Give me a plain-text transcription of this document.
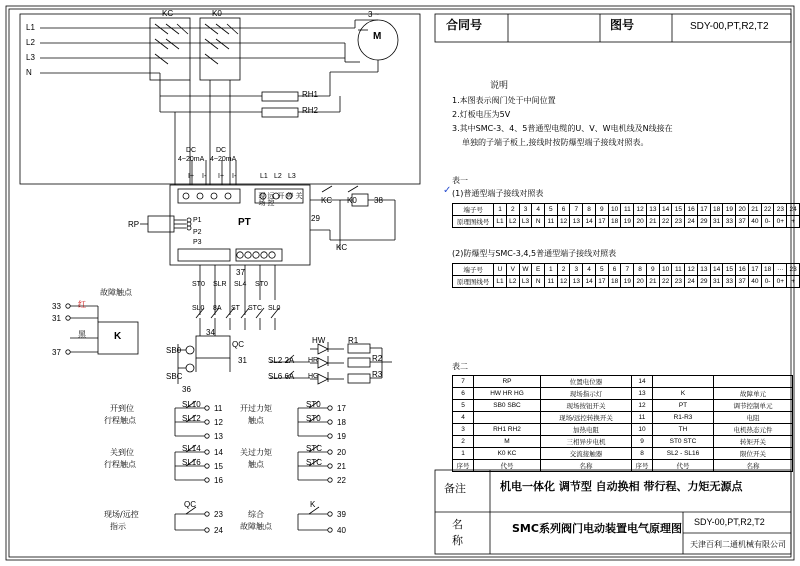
L1
L2
L3
N
KC	K0	3 ~
M
RH1
RH2
DC	DC
4~20mA 4~20mA
I+ I- I+ I-	L1 L2 L3
KC K0 38
29
KC
PT
RP	P1
P2
P3
现场 远控 开 停 关
故障触点
红
黑
33
31
37
K
ST0 SLR SL4 ST0
SL0 8A ST STC SL0
37
34
QC
SB0
SBC
36
31
HW	R1
R2
R3
SL2 2A
SL6 6A
HR
HG
开到位
行程触点
SL10
SL12
11
12
13
关到位
行程触点
SL14
SL16
14
15
16
开过力矩
触点
ST0
ST0
17
18
19
关过力矩
触点
STC
STC
20
21
22
现场/远控
指示
QC
23
24
综合
故障触点
K
39
40
合同号	图号	SDY-00,PT,R2,T2
说明
1.本图表示阀门处于中间位置
2.灯板电压为5V
3.其中SMC-3、4、5普通型电缆的U、V、W电机线及N线接在
单独的子端子板上,接线时按防爆型端子接线对照表。
表一
(1)普通型端子接线对照表
✓
端子号	1	2	3	4	5	6	7	8	9	10	11	12	13	14	15	16	17	18	19	20	21	22	23	24
原理图线号	L1	L2	L3	N	11	12	13	14	17	18	19	20	21	22	23	24	29	31	33	37	40	0-	0+	+
(2)防爆型与SMC-3,4,5普通型端子接线对照表
端子号	U	V	W	E	1	2	3	4	5	6	7	8	9	10	11	12	13	14	15	16	17	18	···	23
原理图线号	L1	L2	L3	N	11	12	13	14	17	18	19	20	21	22	23	24	29	31	33	37	40	0-	0+	+
表二
7	RP	位置电位器	14		
6	HW HR HG	现场指示灯	13	K	故障单元
5	SB0 SBC	现场按钮开关	12	PT	调节控制单元
4		现场/远控转换开关	11	R1-R3	电阻
3	RH1 RH2	加热电阻	10	TH	电机热态元件
2	M	三相异步电机	9	ST0 STC	转矩开关
1	K0 KC	交流接触器	8	SL2 - SL16	限位开关
序号	代号	名称	序号	代号	名称
备注	机电一体化 调节型 自动换相 带行程、力矩无源点
名
称
SMC系列阀门电动装置电气原理图 SDY-00,PT,R2,T2
天津百利二通机械有限公司
